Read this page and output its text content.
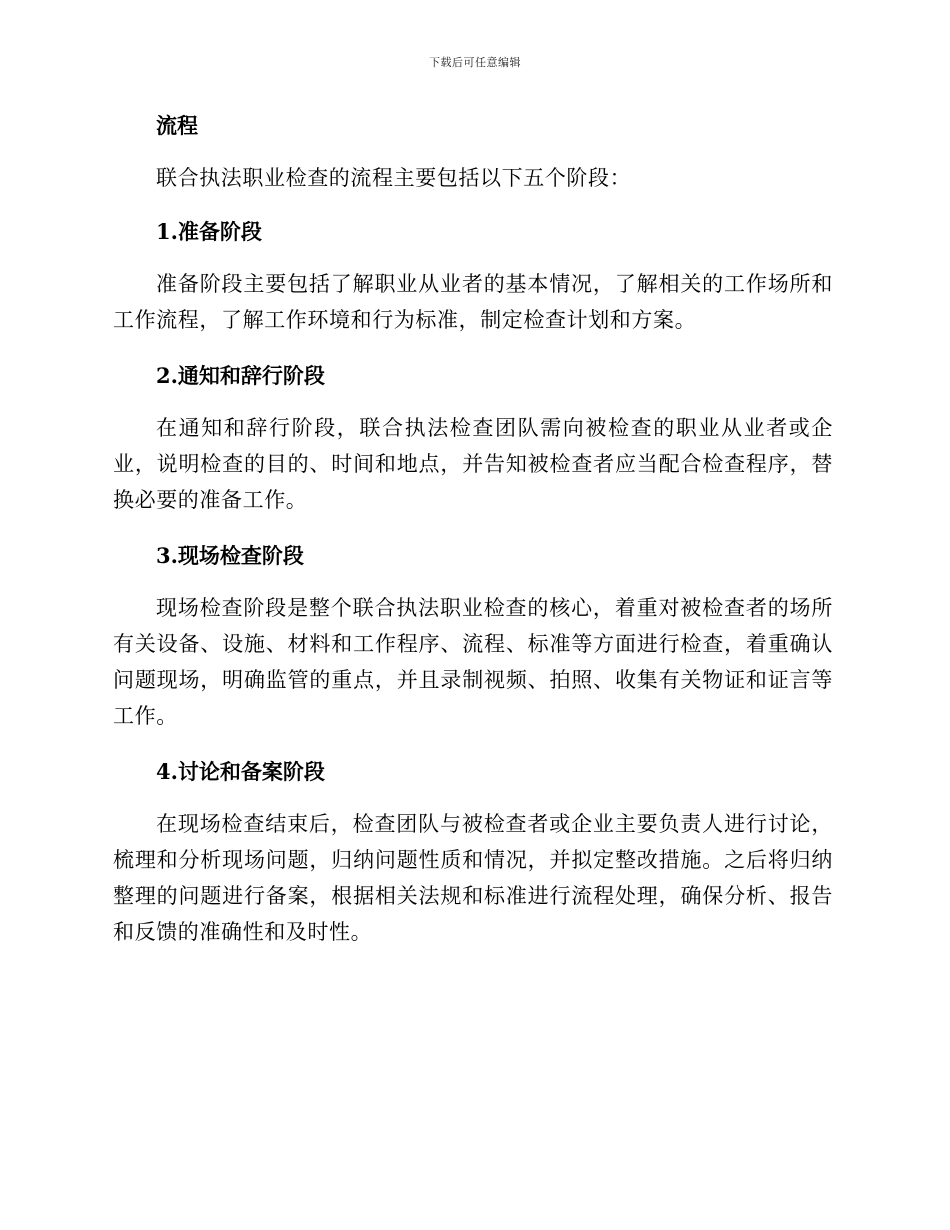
下载后可任意编辑
流程
联合执法职业检查的流程主要包括以下五个阶段：
1.准备阶段
准备阶段主要包括了解职业从业者的基本情况，了解相关的工作场所和工作流程，了解工作环境和行为标准，制定检查计划和方案。
2.通知和辞行阶段
在通知和辞行阶段，联合执法检查团队需向被检查的职业从业者或企业，说明检查的目的、时间和地点，并告知被检查者应当配合检查程序，替换必要的准备工作。
3.现场检查阶段
现场检查阶段是整个联合执法职业检查的核心，着重对被检查者的场所有关设备、设施、材料和工作程序、流程、标准等方面进行检查，着重确认问题现场，明确监管的重点，并且录制视频、拍照、收集有关物证和证言等工作。
4.讨论和备案阶段
在现场检查结束后，检查团队与被检查者或企业主要负责人进行讨论，梳理和分析现场问题，归纳问题性质和情况，并拟定整改措施。之后将归纳整理的问题进行备案，根据相关法规和标准进行流程处理，确保分析、报告和反馈的准确性和及时性。
